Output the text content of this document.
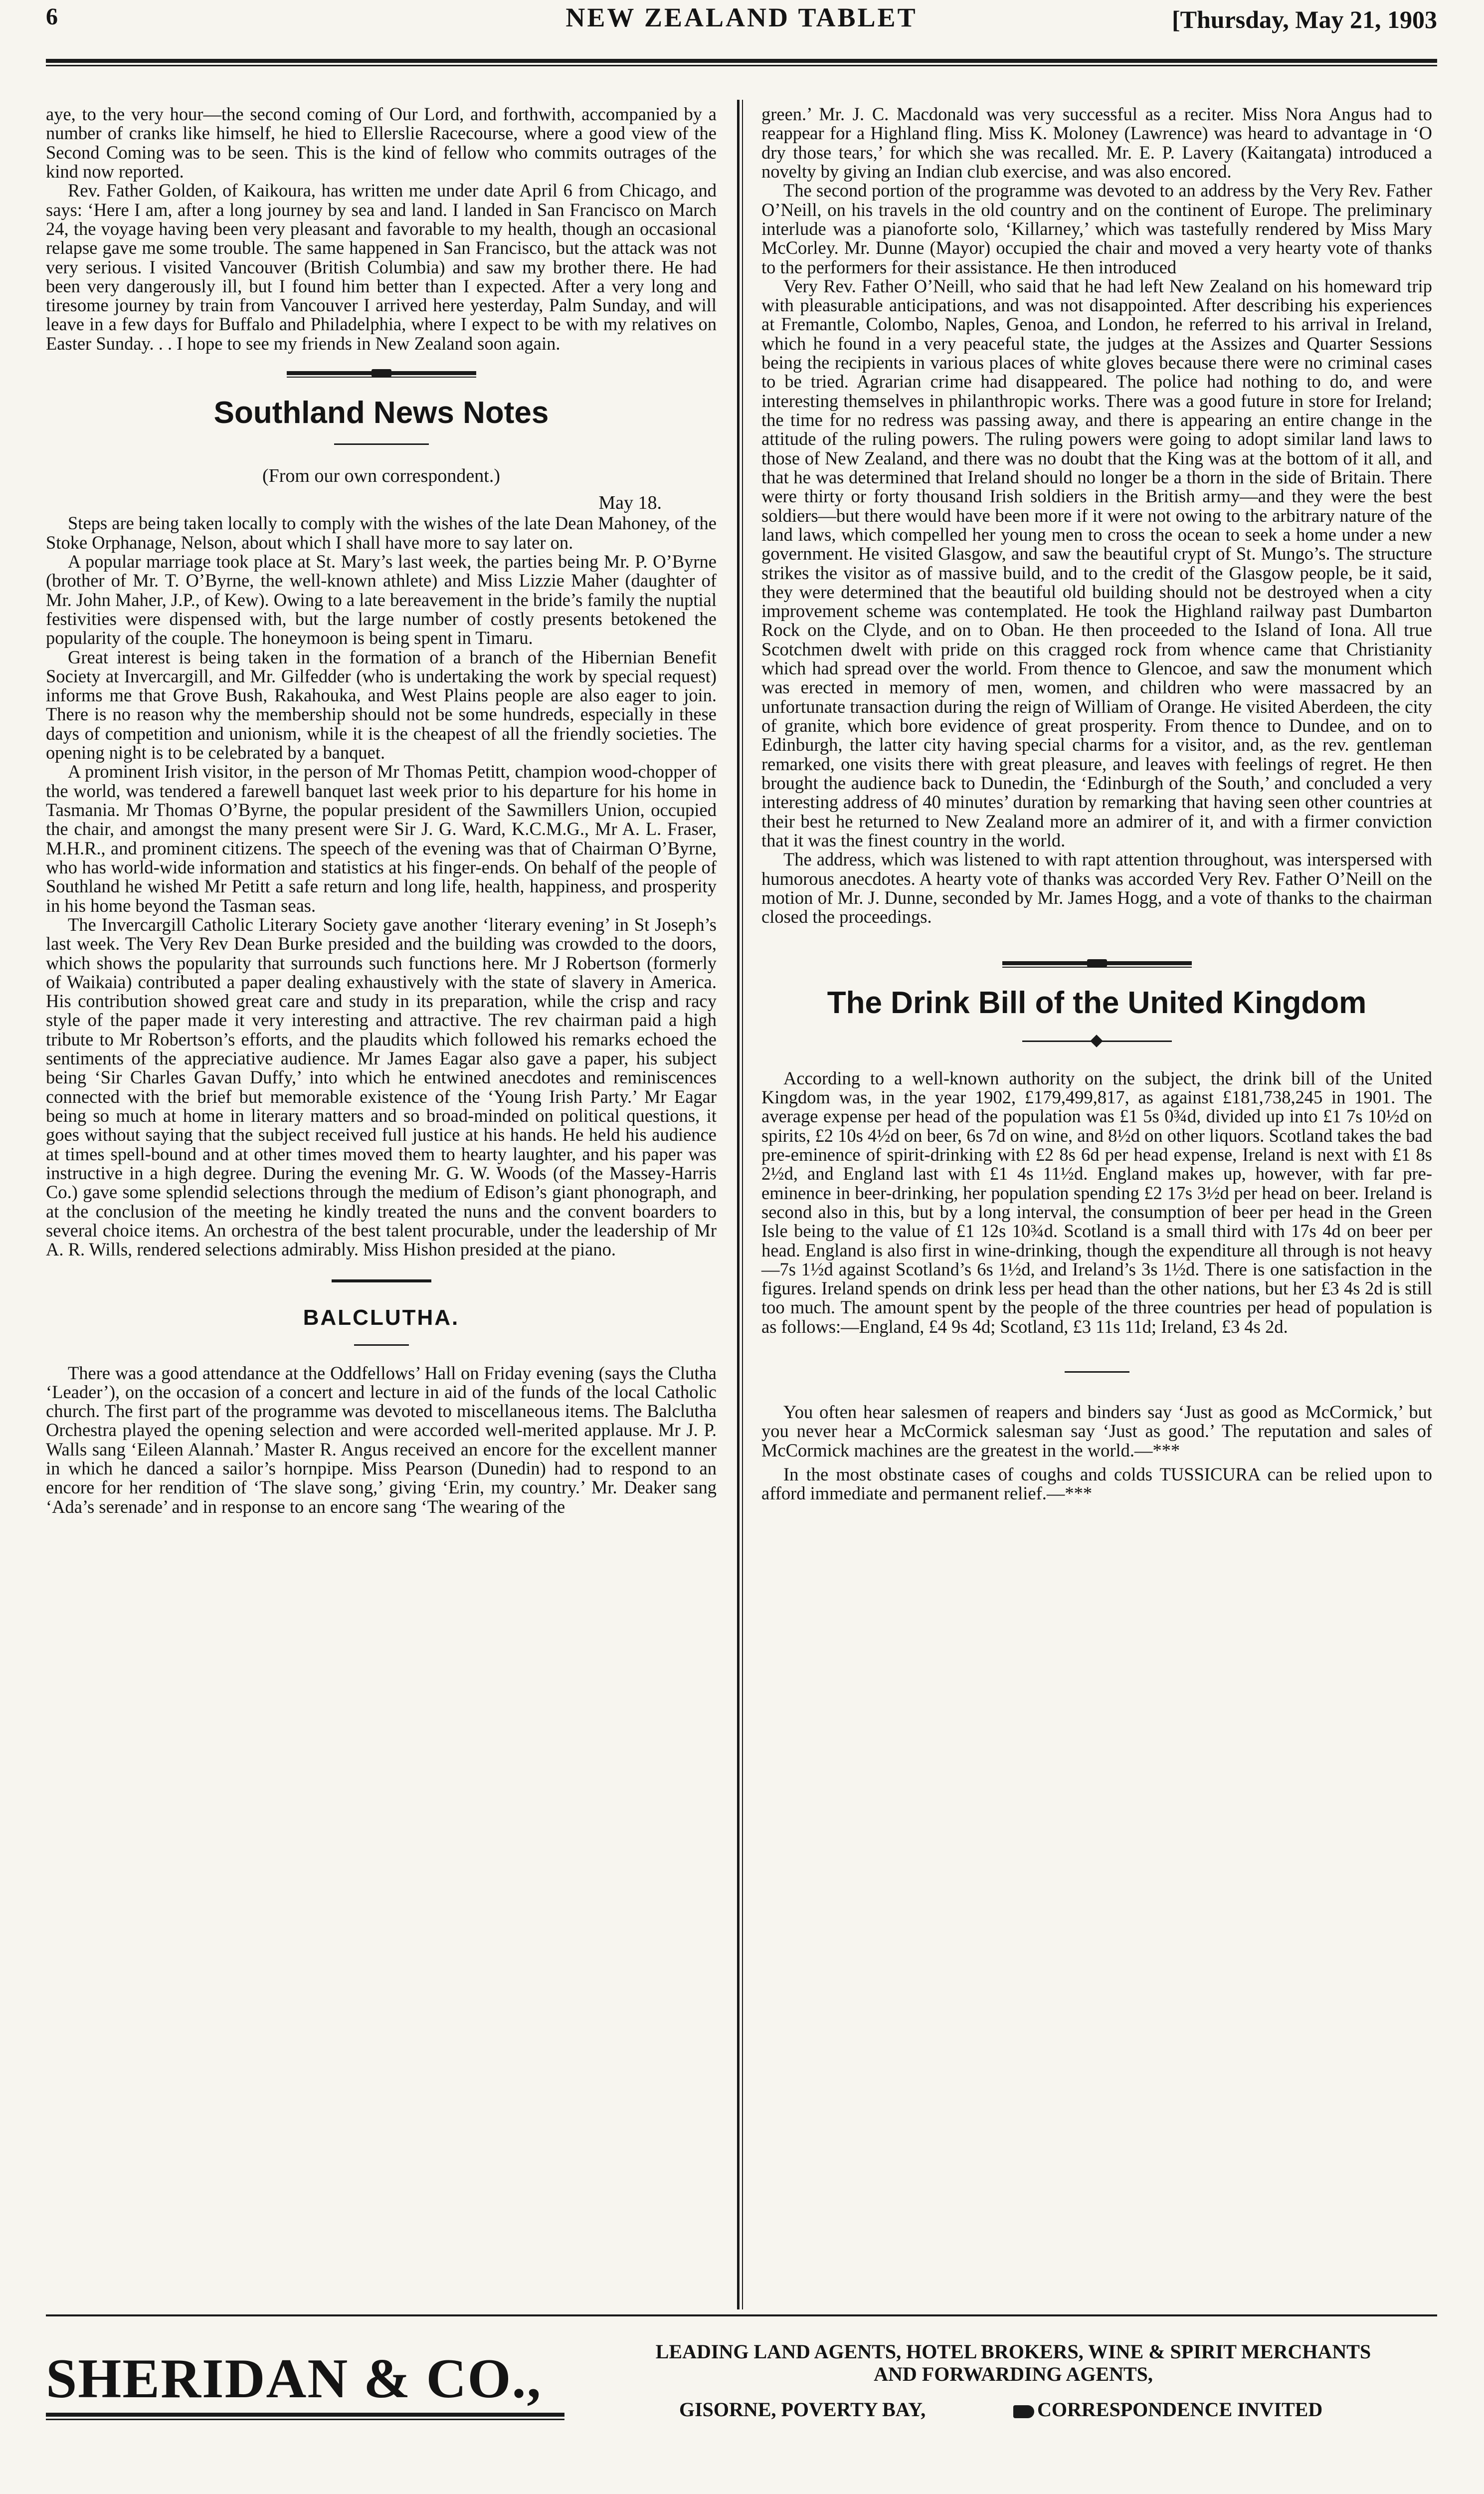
6	NEW ZEALAND TABLET	[Thursday, May 21, 1903

aye, to the very hour—the second coming of Our Lord, and forthwith, accompanied by a number of cranks like himself, he hied to Ellerslie Racecourse, where a good view of the Second Coming was to be seen. This is the kind of fellow who commits outrages of the kind now reported.

Rev. Father Golden, of Kaikoura, has written me under date April 6 from Chicago, and says: ‘Here I am, after a long journey by sea and land. I landed in San Francisco on March 24, the voyage having been very pleasant and favorable to my health, though an occasional relapse gave me some trouble. The same happened in San Francisco, but the attack was not very serious. I visited Vancouver (British Columbia) and saw my brother there. He had been very dangerously ill, but I found him better than I expected. After a very long and tiresome journey by train from Vancouver I arrived here yesterday, Palm Sunday, and will leave in a few days for Buffalo and Philadelphia, where I expect to be with my relatives on Easter Sunday. . . I hope to see my friends in New Zealand soon again.

Southland News Notes
(From our own correspondent.)
May 18.

Steps are being taken locally to comply with the wishes of the late Dean Mahoney, of the Stoke Orphanage, Nelson, about which I shall have more to say later on.

A popular marriage took place at St. Mary’s last week, the parties being Mr. P. O’Byrne (brother of Mr. T. O’Byrne, the well-known athlete) and Miss Lizzie Maher (daughter of Mr. John Maher, J.P., of Kew). Owing to a late bereavement in the bride’s family the nuptial festivities were dispensed with, but the large number of costly presents betokened the popularity of the couple. The honeymoon is being spent in Timaru.

Great interest is being taken in the formation of a branch of the Hibernian Benefit Society at Invercargill, and Mr. Gilfedder (who is undertaking the work by special request) informs me that Grove Bush, Rakahouka, and West Plains people are also eager to join. There is no reason why the membership should not be some hundreds, especially in these days of competition and unionism, while it is the cheapest of all the friendly societies. The opening night is to be celebrated by a banquet.

A prominent Irish visitor, in the person of Mr Thomas Petitt, champion wood-chopper of the world, was tendered a farewell banquet last week prior to his departure for his home in Tasmania. Mr Thomas O’Byrne, the popular president of the Sawmillers Union, occupied the chair, and amongst the many present were Sir J. G. Ward, K.C.M.G., Mr A. L. Fraser, M.H.R., and prominent citizens. The speech of the evening was that of Chairman O’Byrne, who has world-wide information and statistics at his finger-ends. On behalf of the people of Southland he wished Mr Petitt a safe return and long life, health, happiness, and prosperity in his home beyond the Tasman seas.

The Invercargill Catholic Literary Society gave another ‘literary evening’ in St Joseph’s last week. The Very Rev Dean Burke presided and the building was crowded to the doors, which shows the popularity that surrounds such functions here. Mr J Robertson (formerly of Waikaia) contributed a paper dealing exhaustively with the state of slavery in America. His contribution showed great care and study in its preparation, while the crisp and racy style of the paper made it very interesting and attractive. The rev chairman paid a high tribute to Mr Robertson’s efforts, and the plaudits which followed his remarks echoed the sentiments of the appreciative audience. Mr James Eagar also gave a paper, his subject being ‘Sir Charles Gavan Duffy,’ into which he entwined anecdotes and reminiscences connected with the brief but memorable existence of the ‘Young Irish Party.’ Mr Eagar being so much at home in literary matters and so broad-minded on political questions, it goes without saying that the subject received full justice at his hands. He held his audience at times spell-bound and at other times moved them to hearty laughter, and his paper was instructive in a high degree. During the evening Mr. G. W. Woods (of the Massey-Harris Co.) gave some splendid selections through the medium of Edison’s giant phonograph, and at the conclusion of the meeting he kindly treated the nuns and the convent boarders to several choice items. An orchestra of the best talent procurable, under the leadership of Mr A. R. Wills, rendered selections admirably. Miss Hishon presided at the piano.

BALCLUTHA.

There was a good attendance at the Oddfellows’ Hall on Friday evening (says the Clutha ‘Leader’), on the occasion of a concert and lecture in aid of the funds of the local Catholic church. The first part of the programme was devoted to miscellaneous items. The Balclutha Orchestra played the opening selection and were accorded well-merited applause. Mr J. P. Walls sang ‘Eileen Alannah.’ Master R. Angus received an encore for the excellent manner in which he danced a sailor’s hornpipe. Miss Pearson (Dunedin) had to respond to an encore for her rendition of ‘The slave song,’ giving ‘Erin, my country.’ Mr. Deaker sang ‘Ada’s serenade’ and in response to an encore sang ‘The wearing of the

green.’ Mr. J. C. Macdonald was very successful as a reciter. Miss Nora Angus had to reappear for a Highland fling. Miss K. Moloney (Lawrence) was heard to advantage in ‘O dry those tears,’ for which she was recalled. Mr. E. P. Lavery (Kaitangata) introduced a novelty by giving an Indian club exercise, and was also encored.

The second portion of the programme was devoted to an address by the Very Rev. Father O’Neill, on his travels in the old country and on the continent of Europe. The preliminary interlude was a pianoforte solo, ‘Killarney,’ which was tastefully rendered by Miss Mary McCorley. Mr. Dunne (Mayor) occupied the chair and moved a very hearty vote of thanks to the performers for their assistance. He then introduced

Very Rev. Father O’Neill, who said that he had left New Zealand on his homeward trip with pleasurable anticipations, and was not disappointed. After describing his experiences at Fremantle, Colombo, Naples, Genoa, and London, he referred to his arrival in Ireland, which he found in a very peaceful state, the judges at the Assizes and Quarter Sessions being the recipients in various places of white gloves because there were no criminal cases to be tried. Agrarian crime had disappeared. The police had nothing to do, and were interesting themselves in philanthropic works. There was a good future in store for Ireland; the time for no redress was passing away, and there is appearing an entire change in the attitude of the ruling powers. The ruling powers were going to adopt similar land laws to those of New Zealand, and there was no doubt that the King was at the bottom of it all, and that he was determined that Ireland should no longer be a thorn in the side of Britain. There were thirty or forty thousand Irish soldiers in the British army—and they were the best soldiers—but there would have been more if it were not owing to the arbitrary nature of the land laws, which compelled her young men to cross the ocean to seek a home under a new government. He visited Glasgow, and saw the beautiful crypt of St. Mungo’s. The structure strikes the visitor as of massive build, and to the credit of the Glasgow people, be it said, they were determined that the beautiful old building should not be destroyed when a city improvement scheme was contemplated. He took the Highland railway past Dumbarton Rock on the Clyde, and on to Oban. He then proceeded to the Island of Iona. All true Scotchmen dwelt with pride on this cragged rock from whence came that Christianity which had spread over the world. From thence to Glencoe, and saw the monument which was erected in memory of men, women, and children who were massacred by an unfortunate transaction during the reign of William of Orange. He visited Aberdeen, the city of granite, which bore evidence of great prosperity. From thence to Dundee, and on to Edinburgh, the latter city having special charms for a visitor, and, as the rev. gentleman remarked, one visits there with great pleasure, and leaves with feelings of regret. He then brought the audience back to Dunedin, the ‘Edinburgh of the South,’ and concluded a very interesting address of 40 minutes’ duration by remarking that having seen other countries at their best he returned to New Zealand more an admirer of it, and with a firmer conviction that it was the finest country in the world.

The address, which was listened to with rapt attention throughout, was interspersed with humorous anecdotes. A hearty vote of thanks was accorded Very Rev. Father O’Neill on the motion of Mr. J. Dunne, seconded by Mr. James Hogg, and a vote of thanks to the chairman closed the proceedings.

The Drink Bill of the United Kingdom

According to a well-known authority on the subject, the drink bill of the United Kingdom was, in the year 1902, £179,499,817, as against £181,738,245 in 1901. The average expense per head of the population was £1 5s 0¾d, divided up into £1 7s 10½d on spirits, £2 10s 4½d on beer, 6s 7d on wine, and 8½d on other liquors. Scotland takes the bad pre-eminence of spirit-drinking with £2 8s 6d per head expense, Ireland is next with £1 8s 2½d, and England last with £1 4s 11½d. England makes up, however, with far pre-eminence in beer-drinking, her population spending £2 17s 3½d per head on beer. Ireland is second also in this, but by a long interval, the consumption of beer per head in the Green Isle being to the value of £1 12s 10¾d. Scotland is a small third with 17s 4d on beer per head. England is also first in wine-drinking, though the expenditure all through is not heavy—7s 1½d against Scotland’s 6s 1½d, and Ireland’s 3s 1½d. There is one satisfaction in the figures. Ireland spends on drink less per head than the other nations, but her £3 4s 2d is still too much. The amount spent by the people of the three countries per head of population is as follows:—England, £4 9s 4d; Scotland, £3 11s 11d; Ireland, £3 4s 2d.

You often hear salesmen of reapers and binders say ‘Just as good as McCormick,’ but you never hear a McCormick salesman say ‘Just as good.’ The reputation and sales of McCormick machines are the greatest in the world.—***

In the most obstinate cases of coughs and colds TUSSICURA can be relied upon to afford immediate and permanent relief.—***

SHERIDAN & CO.,	LEADING LAND AGENTS, HOTEL BROKERS, WINE & SPIRIT MERCHANTS
AND FORWARDING AGENTS,
GISORNE, POVERTY BAY,	CORRESPONDENCE INVITED
